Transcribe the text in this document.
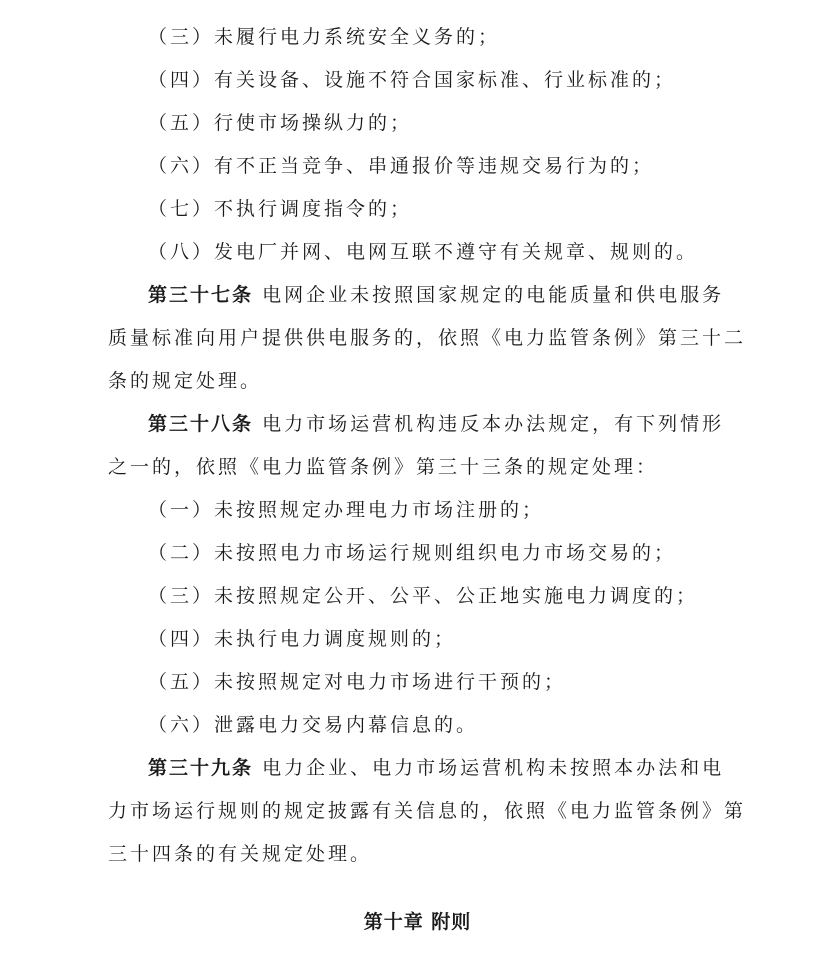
（三）未履行电力系统安全义务的；
（四）有关设备、设施不符合国家标准、行业标准的；
（五）行使市场操纵力的；
（六）有不正当竞争、串通报价等违规交易行为的；
（七）不执行调度指令的；
（八）发电厂并网、电网互联不遵守有关规章、规则的。
第三十七条 电网企业未按照国家规定的电能质量和供电服务
质量标准向用户提供供电服务的，依照《电力监管条例》第三十二
条的规定处理。
第三十八条 电力市场运营机构违反本办法规定，有下列情形
之一的，依照《电力监管条例》第三十三条的规定处理：
（一）未按照规定办理电力市场注册的；
（二）未按照电力市场运行规则组织电力市场交易的；
（三）未按照规定公开、公平、公正地实施电力调度的；
（四）未执行电力调度规则的；
（五）未按照规定对电力市场进行干预的；
（六）泄露电力交易内幕信息的。
第三十九条 电力企业、电力市场运营机构未按照本办法和电
力市场运行规则的规定披露有关信息的，依照《电力监管条例》第
三十四条的有关规定处理。
第十章 附则
